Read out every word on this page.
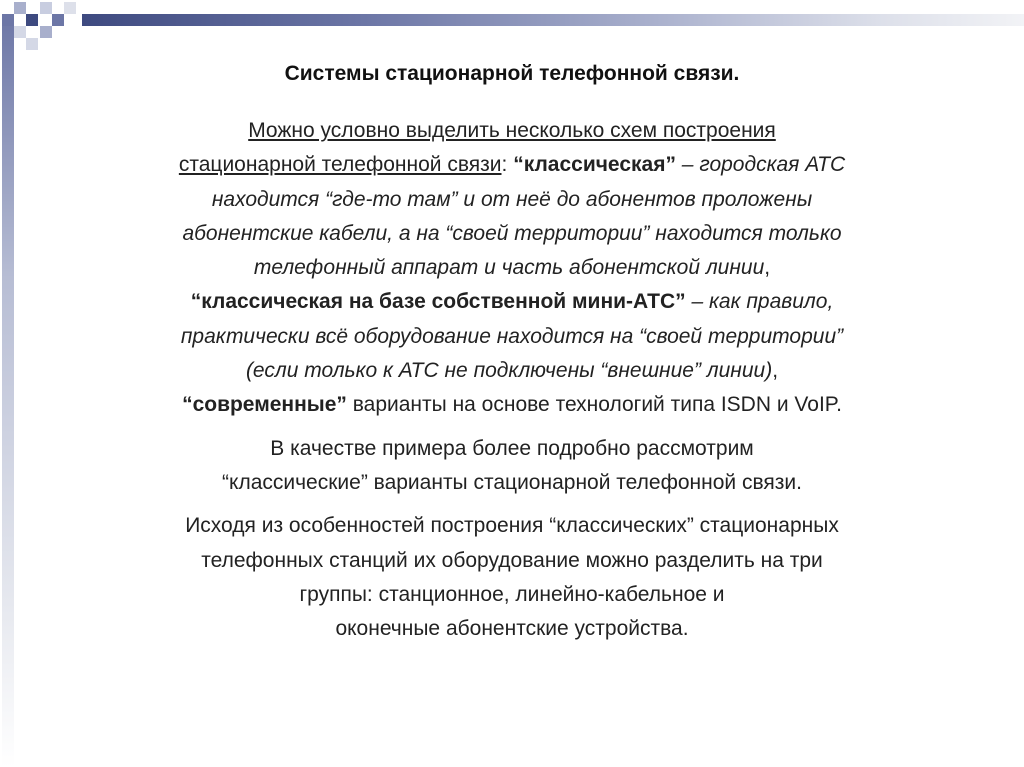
Системы стационарной телефонной связи.

Можно условно выделить несколько схем построения
стационарной телефонной связи: “классическая” – городская АТС
находится “где-то там” и от неё до абонентов проложены
абонентские кабели, а на “своей территории” находится только
телефонный аппарат и часть абонентской линии,
“классическая на базе собственной мини-АТС” – как правило,
практически всё оборудование находится на “своей территории”
(если только к АТС не подключены “внешние” линии),
“современные” варианты на основе технологий типа ISDN и VoIP.

В качестве примера более подробно рассмотрим
“классические” варианты стационарной телефонной связи.

Исходя из особенностей построения “классических” стационарных
телефонных станций их оборудование можно разделить на три
группы: станционное, линейно-кабельное и
оконечные абонентские устройства.
